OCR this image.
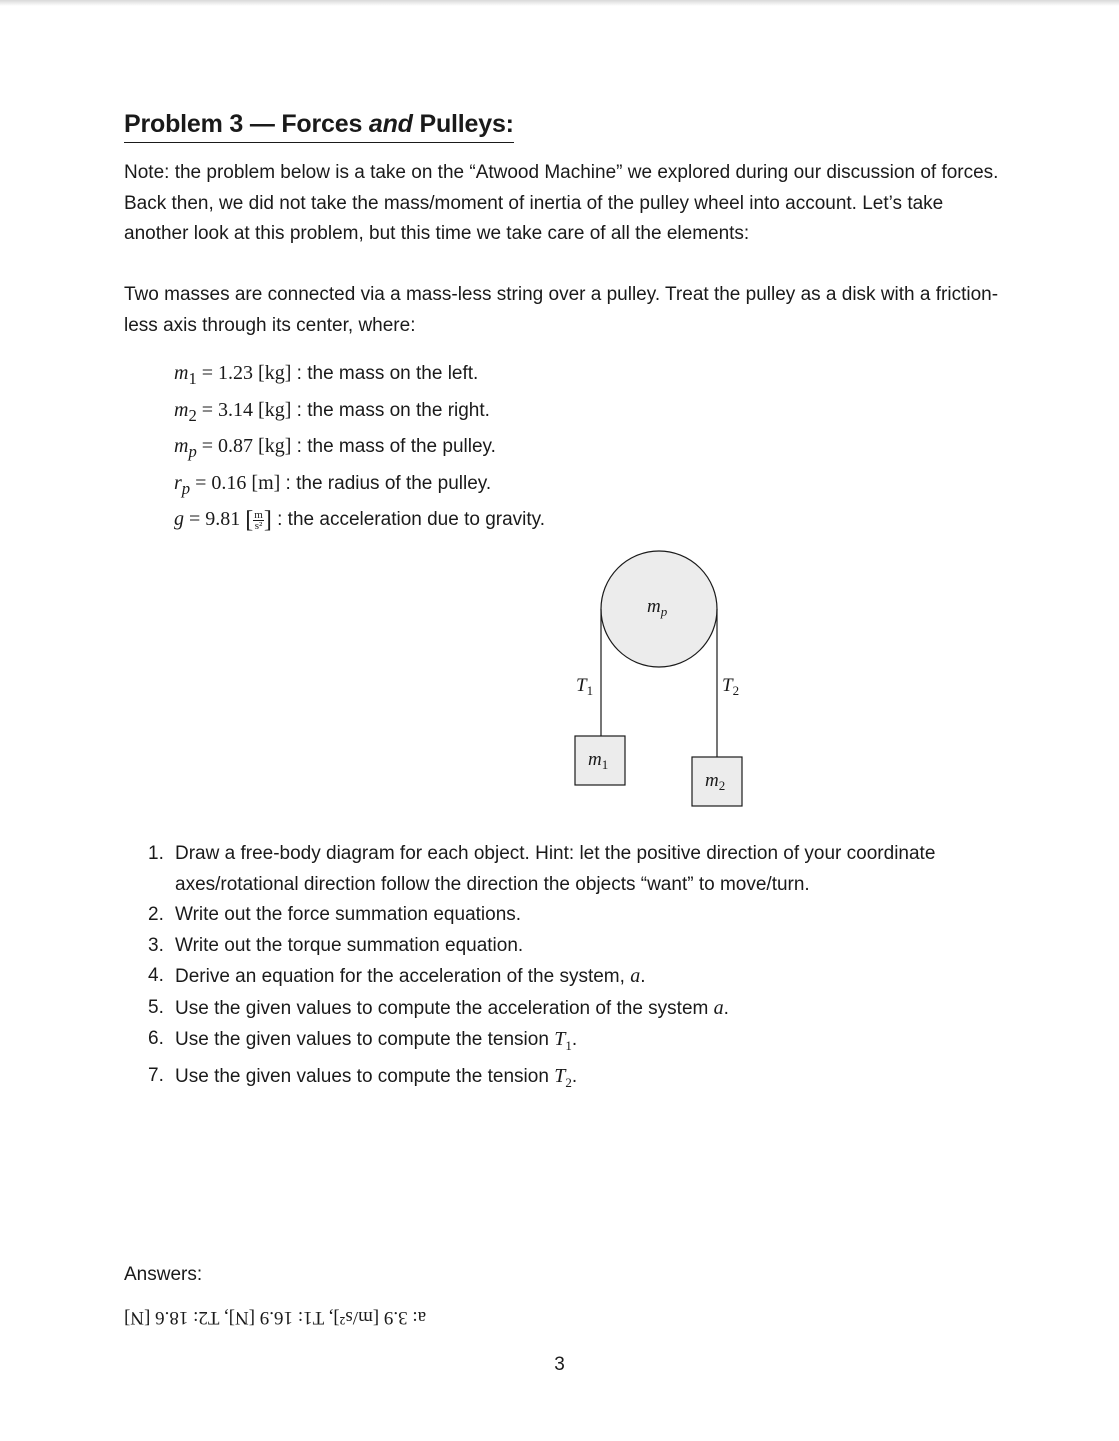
Problem 3 — Forces and Pulleys:

Note: the problem below is a take on the “Atwood Machine” we explored during our discussion of forces. Back then, we did not take the mass/moment of inertia of the pulley wheel into account. Let’s take another look at this problem, but this time we take care of all the elements:

Two masses are connected via a mass-less string over a pulley. Treat the pulley as a disk with a friction-less axis through its center, where:

$m_1 = 1.23$ [kg] : the mass on the left.
$m_2 = 3.14$ [kg] : the mass on the right.
$m_p = 0.87$ [kg] : the mass of the pulley.
$r_p = 0.16$ [m] : the radius of the pulley.
g = 9.81 [ $\frac{m}{\text{s²}}$ ] : the acceleration due to gravity.
$m_p$
$T_1$	$T_2$
$m_1$
$m_2$
1. Draw a free-body diagram for each object. Hint: let the positive direction of your coordinate axes/rotational direction follow the direction the objects “want” to move/turn.
2. Write out the force summation equations.
3. Write out the torque summation equation.
4. Derive an equation for the acceleration of the system, a.
5. Use the given values to compute the acceleration of the system a.
6. Use the given values to compute the tension $T_1$.
7. Use the given values to compute the tension $T_2$.
Answers:
a: 3.9 [m/s²], T1: 16.9 [N], T2: 18.6 [N]
3
